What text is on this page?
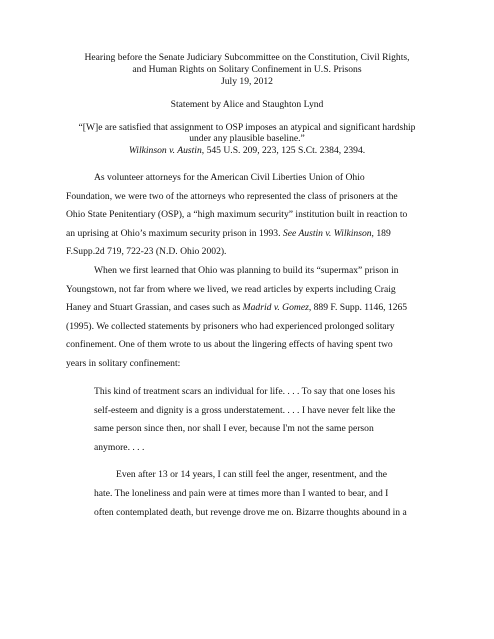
Hearing before the Senate Judiciary Subcommittee on the Constitution, Civil Rights,
and Human Rights on Solitary Confinement in U.S. Prisons
July 19, 2012
Statement by Alice and Staughton Lynd
“[W]e are satisfied that assignment to OSP imposes an atypical and significant hardship
under any plausible baseline.”
Wilkinson v. Austin, 545 U.S. 209, 223, 125 S.Ct. 2384, 2394.
As volunteer attorneys for the American Civil Liberties Union of Ohio
Foundation, we were two of the attorneys who represented the class of prisoners at the
Ohio State Penitentiary (OSP), a “high maximum security” institution built in reaction to
an uprising at Ohio’s maximum security prison in 1993. See Austin v. Wilkinson, 189
F.Supp.2d 719, 722-23 (N.D. Ohio 2002).
When we first learned that Ohio was planning to build its “supermax” prison in
Youngstown, not far from where we lived, we read articles by experts including Craig
Haney and Stuart Grassian, and cases such as Madrid v. Gomez, 889 F. Supp. 1146, 1265
(1995). We collected statements by prisoners who had experienced prolonged solitary
confinement. One of them wrote to us about the lingering effects of having spent two
years in solitary confinement:
This kind of treatment scars an individual for life. . . . To say that one loses his
self-esteem and dignity is a gross understatement. . . . I have never felt like the
same person since then, nor shall I ever, because I'm not the same person
anymore. . . .
Even after 13 or 14 years, I can still feel the anger, resentment, and the
hate. The loneliness and pain were at times more than I wanted to bear, and I
often contemplated death, but revenge drove me on. Bizarre thoughts abound in a
